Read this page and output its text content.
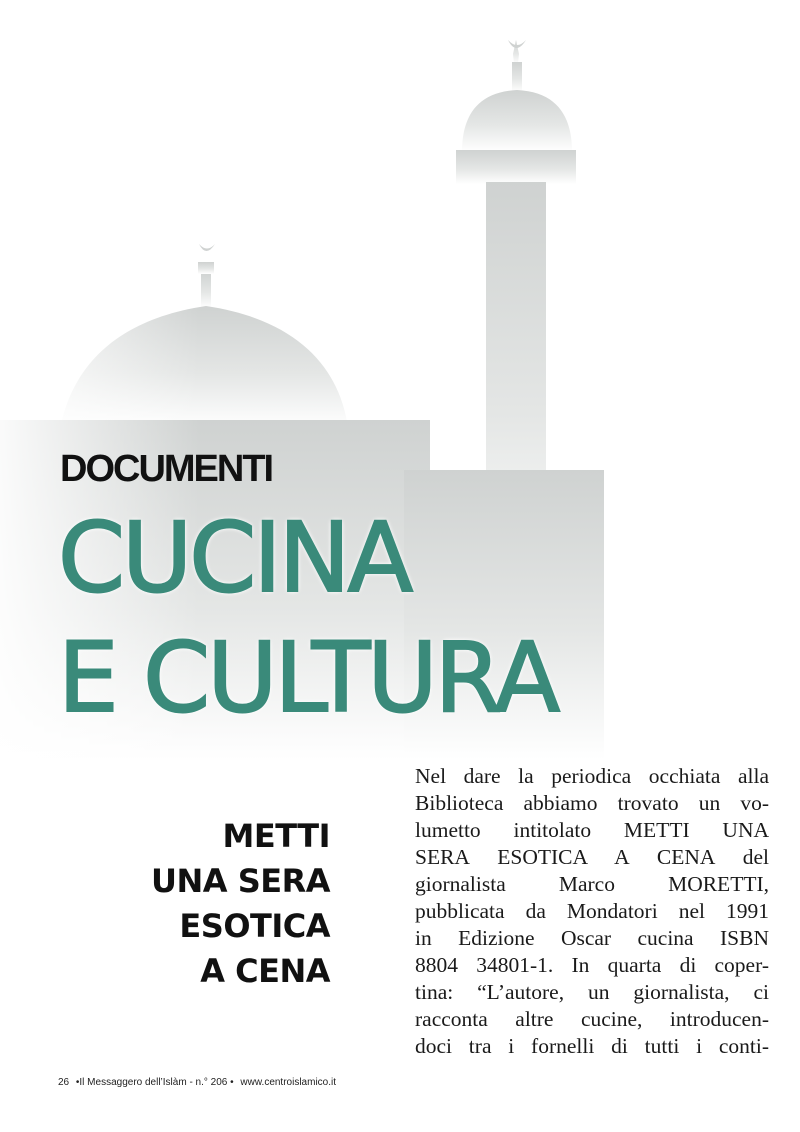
DOCUMENTI
CUCINA
E CULTURA
METTI
UNA SERA
ESOTICA
A CENA
Nel dare la periodica occhiata alla
Biblioteca abbiamo trovato un vo-
lumetto intitolato METTI UNA
SERA ESOTICA A CENA del
giornalista Marco MORETTI,
pubblicata da Mondatori nel 1991
in Edizione Oscar cucina ISBN
8804 34801-1. In quarta di coper-
tina: “L’autore, un giornalista, ci
racconta altre cucine, introducen-
doci tra i fornelli di tutti i conti-
26 •Il Messaggero dell’Islàm - n.° 206 • www.centroislamico.it
